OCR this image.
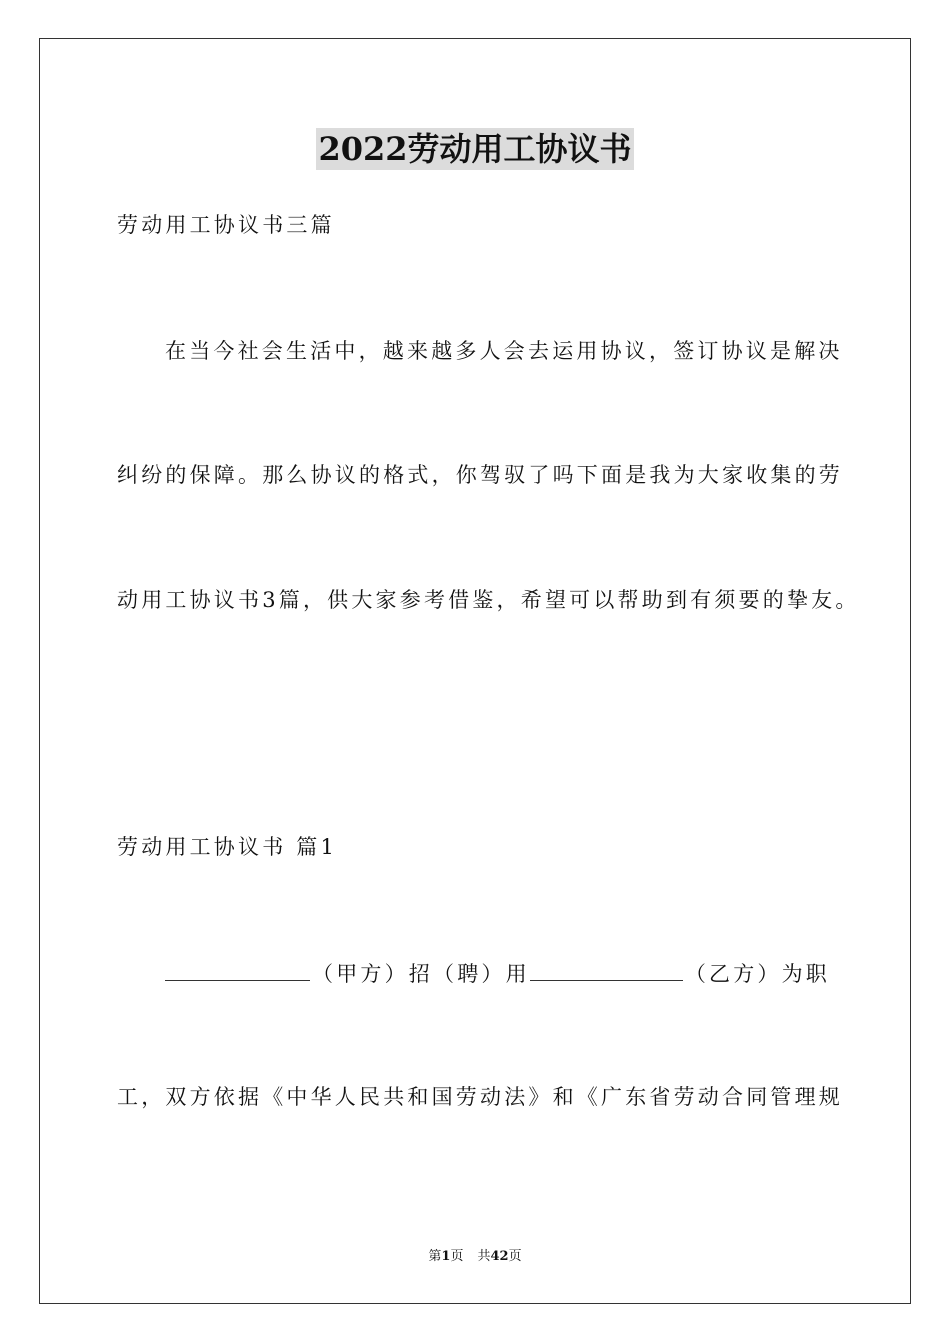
2022劳动用工协议书
劳动用工协议书三篇
在当今社会生活中，越来越多人会去运用协议，签订协议是解决
纠纷的保障。那么协议的格式，你驾驭了吗下面是我为大家收集的劳
动用工协议书3篇，供大家参考借鉴，希望可以帮助到有须要的挚友。
劳动用工协议书 篇1
（甲方）招（聘）用	（乙方）为职
工，双方依据《中华人民共和国劳动法》和《广东省劳动合同管理规
第1页 共42页
